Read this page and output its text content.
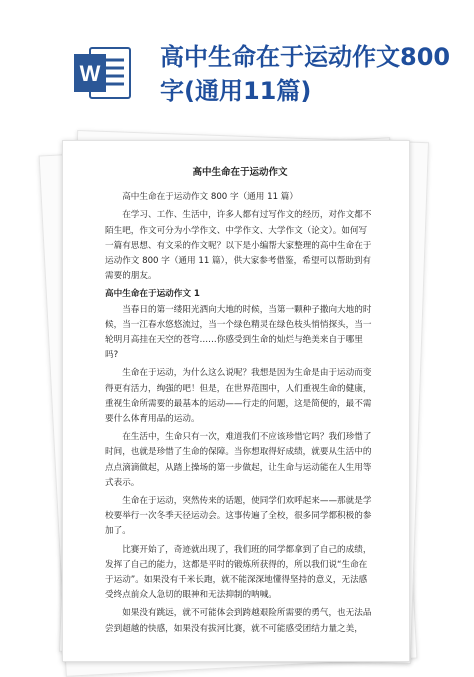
W
高中生命在于运动作文800字(通用11篇)
高中生命在于运动作文

高中生命在于运动作文 800 字（通用 11 篇）

在学习、工作、生活中，许多人都有过写作文的经历，对作文都不陌生吧，作文可分为小学作文、中学作文、大学作文（论文）。如何写一篇有思想、有文采的作文呢？以下是小编帮大家整理的高中生命在于运动作文 800 字（通用 11 篇），供大家参考借鉴，希望可以帮助到有需要的朋友。

高中生命在于运动作文 1

当春日的第一缕阳光洒向大地的时候，当第一颗种子撒向大地的时候，当一江春水悠悠流过，当一个绿色精灵在绿色枝头悄悄探头，当一轮明月高挂在天空的苍穹……你感受到生命的灿烂与绝美来自于哪里吗?

生命在于运动，为什么这么说呢？我想是因为生命是由于运动而变得更有活力，绚强的吧！但是，在世界范围中，人们重视生命的健康，重视生命所需要的最基本的运动——行走的问题，这是简便的，最不需要什么体育用品的运动。

在生活中，生命只有一次，难道我们不应该珍惜它吗？我们珍惜了时间，也就是珍惜了生命的保障。当你想取得好成绩，就要从生活中的点点滴滴做起，从踏上操场的第一步做起，让生命与运动能在人生用等式表示。

生命在于运动，突然传来的话题，使同学们欢呼起来——那就是学校要举行一次冬季天径运动会。这事传遍了全校，很多同学都积极的参加了。

比赛开始了，奇迹就出现了，我们班的同学都拿到了自己的成绩，发挥了自己的能力，这都是平时的锻炼所获得的，所以我们说“生命在于运动”。如果没有千米长跑，就不能深深地懂得坚持的意义，无法感受终点前众人急切的眼神和无法抑制的呐喊。

如果没有跳远，就不可能体会到跨越艰险所需要的勇气，也无法品尝到超越的快感，如果没有拔河比赛，就不可能感受团结力量之美，
